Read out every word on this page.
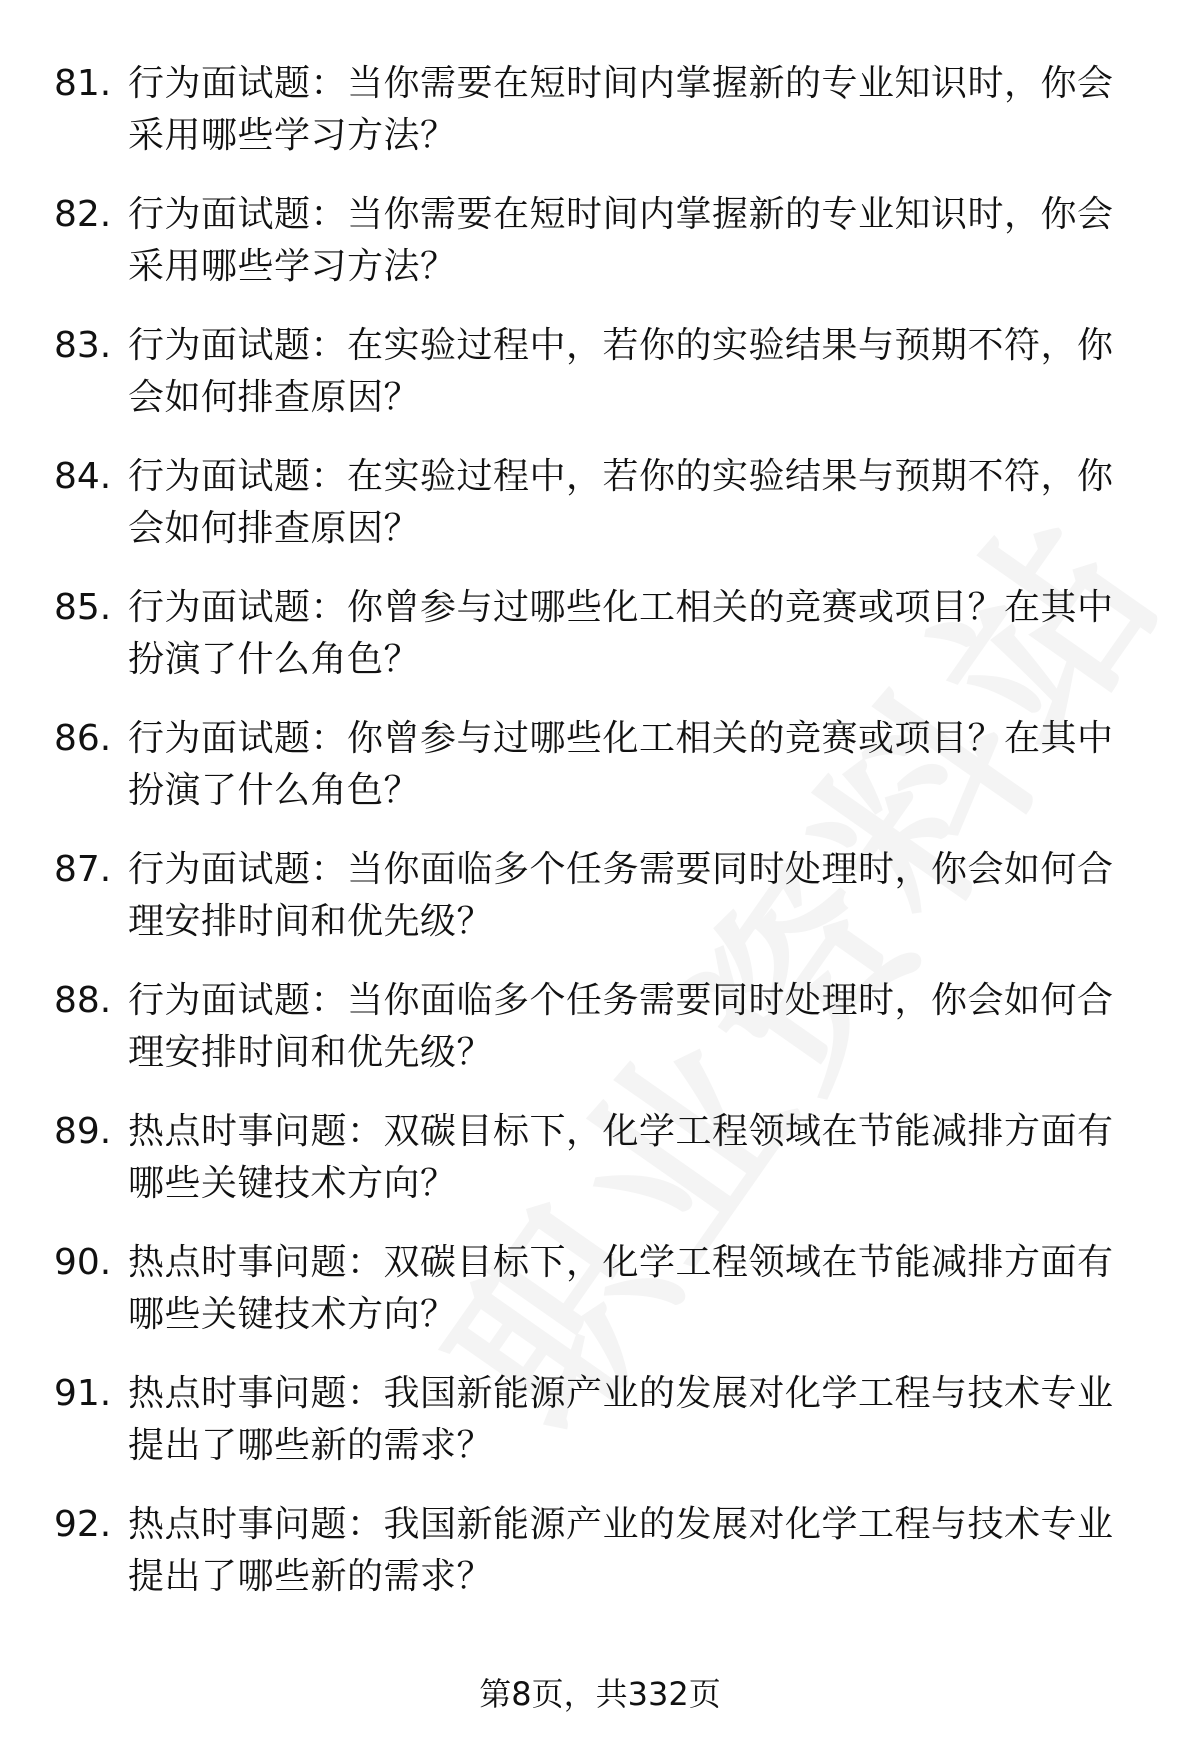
81. 行为面试题：当你需要在短时间内掌握新的专业知识时，你会采用哪些学习方法？
82. 行为面试题：当你需要在短时间内掌握新的专业知识时，你会采用哪些学习方法？
83. 行为面试题：在实验过程中，若你的实验结果与预期不符，你会如何排查原因？
84. 行为面试题：在实验过程中，若你的实验结果与预期不符，你会如何排查原因？
85. 行为面试题：你曾参与过哪些化工相关的竞赛或项目？在其中扮演了什么角色？
86. 行为面试题：你曾参与过哪些化工相关的竞赛或项目？在其中扮演了什么角色？
87. 行为面试题：当你面临多个任务需要同时处理时，你会如何合理安排时间和优先级？
88. 行为面试题：当你面临多个任务需要同时处理时，你会如何合理安排时间和优先级？
89. 热点时事问题：双碳目标下，化学工程领域在节能减排方面有哪些关键技术方向？
90. 热点时事问题：双碳目标下，化学工程领域在节能减排方面有哪些关键技术方向？
91. 热点时事问题：我国新能源产业的发展对化学工程与技术专业提出了哪些新的需求？
92. 热点时事问题：我国新能源产业的发展对化学工程与技术专业提出了哪些新的需求？
第8页，共332页
